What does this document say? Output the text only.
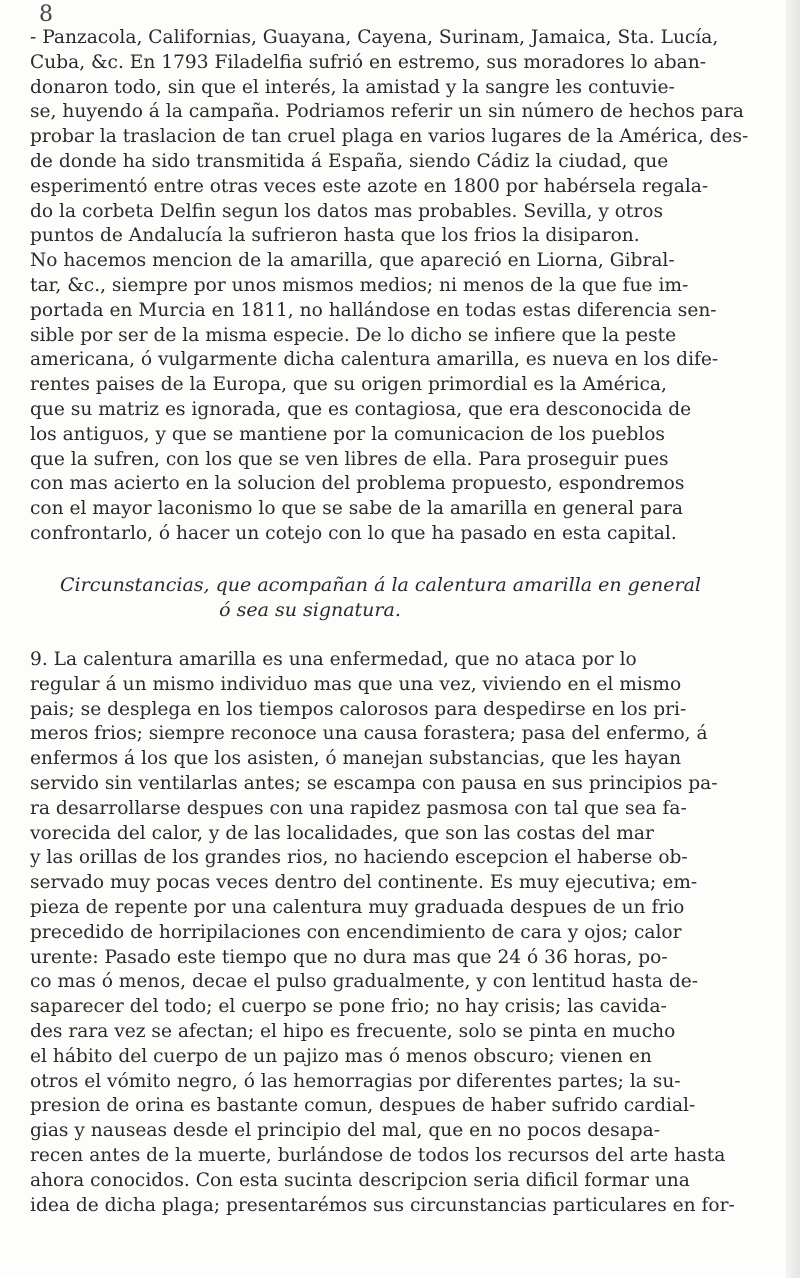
8
- Panzacola, Californias, Guayana, Cayena, Surinam, Jamaica, Sta. Lucía,
Cuba, &c. En 1793 Filadelfia sufrió en estremo, sus moradores lo aban-
donaron todo, sin que el interés, la amistad y la sangre les contuvie-
se, huyendo á la campaña. Podriamos referir un sin número de hechos para
probar la traslacion de tan cruel plaga en varios lugares de la América, des-
de donde ha sido transmitida á España, siendo Cádiz la ciudad, que
esperimentó entre otras veces este azote en 1800 por habérsela regala-
do la corbeta Delfin segun los datos mas probables. Sevilla, y otros
puntos de Andalucía la sufrieron hasta que los frios la disiparon.
No hacemos mencion de la amarilla, que apareció en Liorna, Gibral-
tar, &c., siempre por unos mismos medios; ni menos de la que fue im-
portada en Murcia en 1811, no hallándose en todas estas diferencia sen-
sible por ser de la misma especie. De lo dicho se infiere que la peste
americana, ó vulgarmente dicha calentura amarilla, es nueva en los dife-
rentes paises de la Europa, que su origen primordial es la América,
que su matriz es ignorada, que es contagiosa, que era desconocida de
los antiguos, y que se mantiene por la comunicacion de los pueblos
que la sufren, con los que se ven libres de ella. Para proseguir pues
con mas acierto en la solucion del problema propuesto, espondremos
con el mayor laconismo lo que se sabe de la amarilla en general para
confrontarlo, ó hacer un cotejo con lo que ha pasado en esta capital.
Circunstancias, que acompañan á la calentura amarilla en general
ó sea su signatura.
9. La calentura amarilla es una enfermedad, que no ataca por lo
regular á un mismo individuo mas que una vez, viviendo en el mismo
pais; se desplega en los tiempos calorosos para despedirse en los pri-
meros frios; siempre reconoce una causa forastera; pasa del enfermo, á
enfermos á los que los asisten, ó manejan substancias, que les hayan
servido sin ventilarlas antes; se escampa con pausa en sus principios pa-
ra desarrollarse despues con una rapidez pasmosa con tal que sea fa-
vorecida del calor, y de las localidades, que son las costas del mar
y las orillas de los grandes rios, no haciendo escepcion el haberse ob-
servado muy pocas veces dentro del continente. Es muy ejecutiva; em-
pieza de repente por una calentura muy graduada despues de un frio
precedido de horripilaciones con encendimiento de cara y ojos; calor
urente: Pasado este tiempo que no dura mas que 24 ó 36 horas, po-
co mas ó menos, decae el pulso gradualmente, y con lentitud hasta de-
saparecer del todo; el cuerpo se pone frio; no hay crisis; las cavida-
des rara vez se afectan; el hipo es frecuente, solo se pinta en mucho
el hábito del cuerpo de un pajizo mas ó menos obscuro; vienen en
otros el vómito negro, ó las hemorragias por diferentes partes; la su-
presion de orina es bastante comun, despues de haber sufrido cardial-
gias y nauseas desde el principio del mal, que en no pocos desapa-
recen antes de la muerte, burlándose de todos los recursos del arte hasta
ahora conocidos. Con esta sucinta descripcion seria dificil formar una
idea de dicha plaga; presentarémos sus circunstancias particulares en for-
